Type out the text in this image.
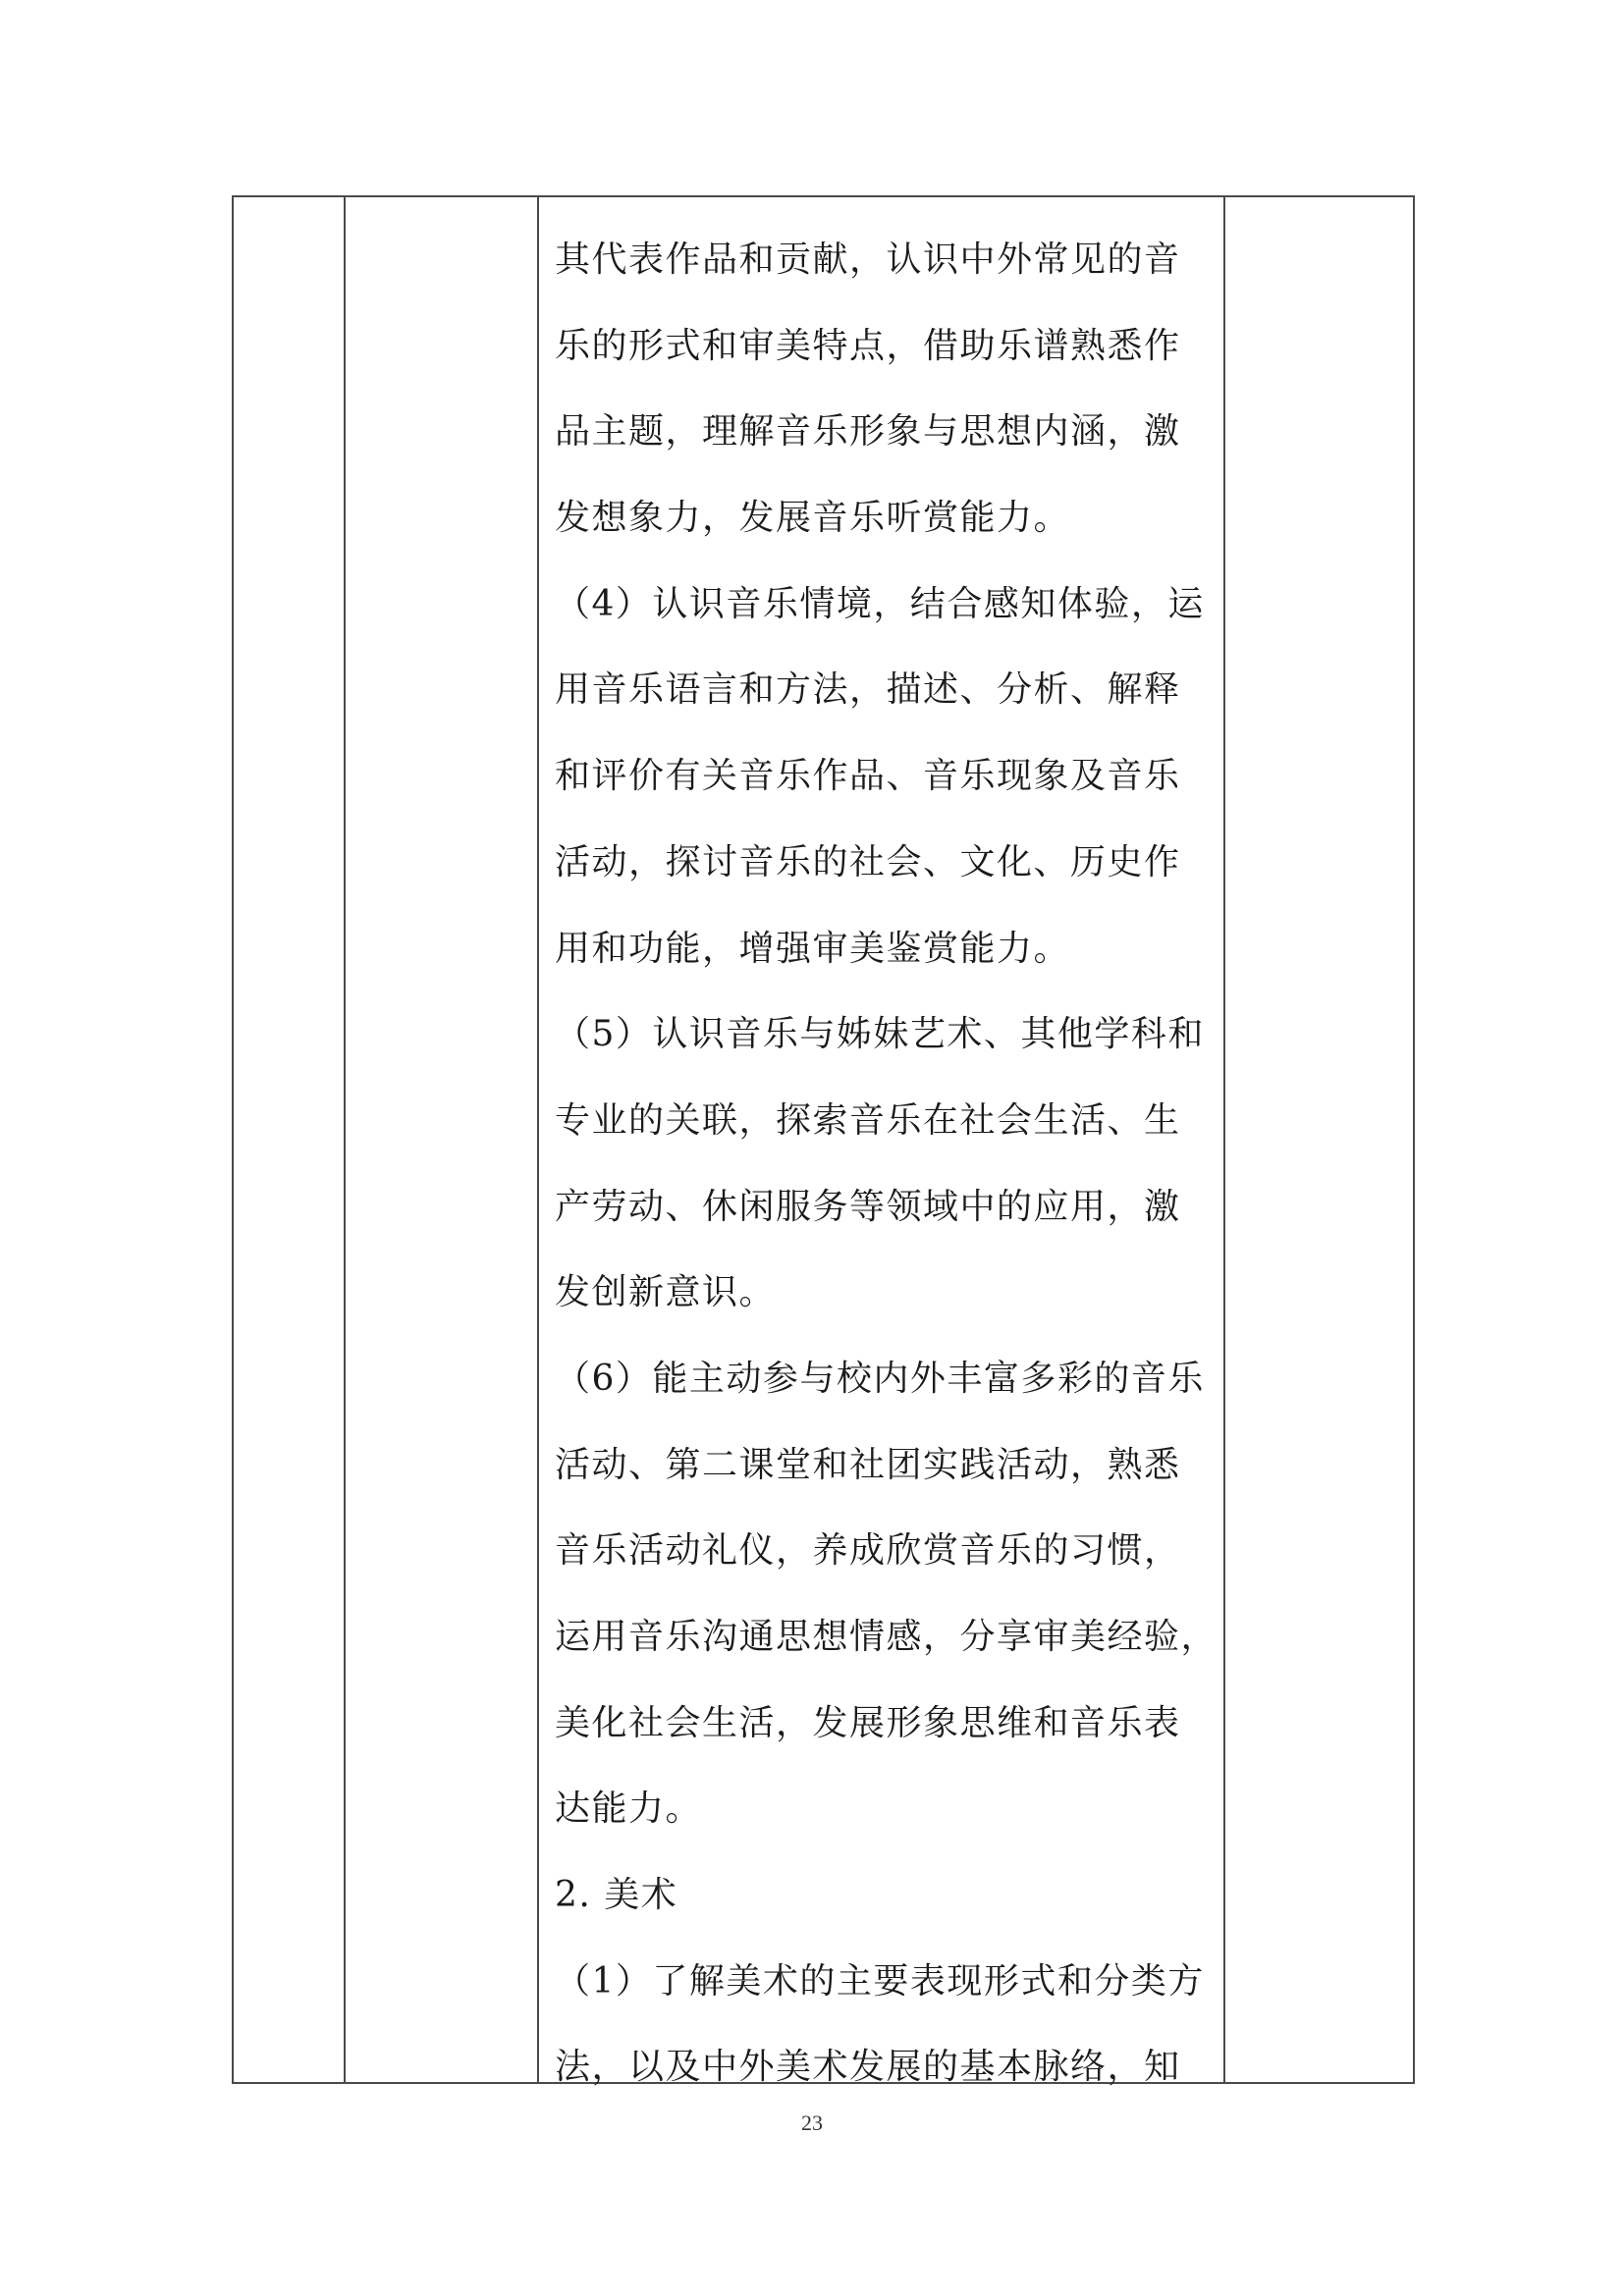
其代表作品和贡献，认识中外常见的音
乐的形式和审美特点，借助乐谱熟悉作
品主题，理解音乐形象与思想内涵，激
发想象力，发展音乐听赏能力。
（4）认识音乐情境，结合感知体验，运
用音乐语言和方法，描述、分析、解释
和评价有关音乐作品、音乐现象及音乐
活动，探讨音乐的社会、文化、历史作
用和功能，增强审美鉴赏能力。
（5）认识音乐与姊妹艺术、其他学科和
专业的关联，探索音乐在社会生活、生
产劳动、休闲服务等领域中的应用，激
发创新意识。
（6）能主动参与校内外丰富多彩的音乐
活动、第二课堂和社团实践活动，熟悉
音乐活动礼仪，养成欣赏音乐的习惯，
运用音乐沟通思想情感，分享审美经验，
美化社会生活，发展形象思维和音乐表
达能力。
2. 美术
（1）了解美术的主要表现形式和分类方
法，以及中外美术发展的基本脉络，知
23
